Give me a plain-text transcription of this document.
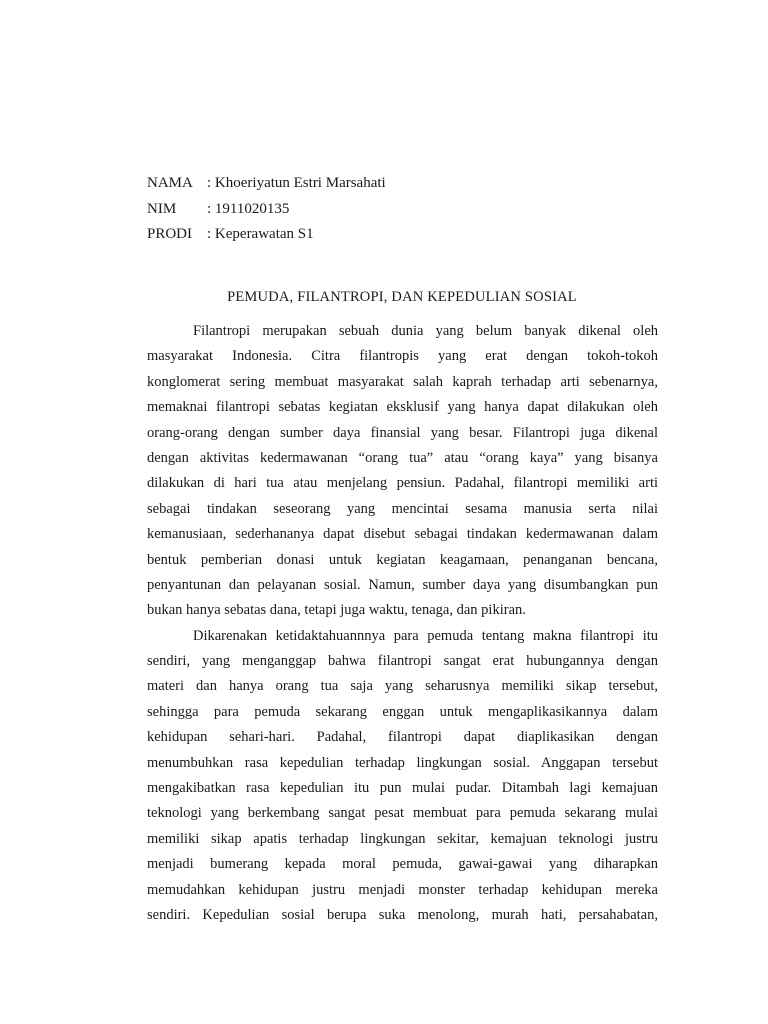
NAMA : Khoeriyatun Estri Marsahati
NIM	: 1911020135
PRODI : Keperawatan S1
PEMUDA, FILANTROPI, DAN KEPEDULIAN SOSIAL
Filantropi merupakan sebuah dunia yang belum banyak dikenal oleh
masyarakat Indonesia. Citra filantropis yang erat dengan tokoh-tokoh
konglomerat sering membuat masyarakat salah kaprah terhadap arti sebenarnya,
memaknai filantropi sebatas kegiatan eksklusif yang hanya dapat dilakukan oleh
orang-orang dengan sumber daya finansial yang besar. Filantropi juga dikenal
dengan aktivitas kedermawanan “orang tua” atau “orang kaya” yang bisanya
dilakukan di hari tua atau menjelang pensiun. Padahal, filantropi memiliki arti
sebagai tindakan seseorang yang mencintai sesama manusia serta nilai
kemanusiaan, sederhananya dapat disebut sebagai tindakan kedermawanan dalam
bentuk pemberian donasi untuk kegiatan keagamaan, penanganan bencana,
penyantunan dan pelayanan sosial. Namun, sumber daya yang disumbangkan pun
bukan hanya sebatas dana, tetapi juga waktu, tenaga, dan pikiran.
Dikarenakan ketidaktahuannnya para pemuda tentang makna filantropi itu
sendiri, yang menganggap bahwa filantropi sangat erat hubungannya dengan
materi dan hanya orang tua saja yang seharusnya memiliki sikap tersebut,
sehingga para pemuda sekarang enggan untuk mengaplikasikannya dalam
kehidupan sehari-hari. Padahal, filantropi dapat diaplikasikan dengan
menumbuhkan rasa kepedulian terhadap lingkungan sosial. Anggapan tersebut
mengakibatkan rasa kepedulian itu pun mulai pudar. Ditambah lagi kemajuan
teknologi yang berkembang sangat pesat membuat para pemuda sekarang mulai
memiliki sikap apatis terhadap lingkungan sekitar, kemajuan teknologi justru
menjadi bumerang kepada moral pemuda, gawai-gawai yang diharapkan
memudahkan kehidupan justru menjadi monster terhadap kehidupan mereka
sendiri. Kepedulian sosial berupa suka menolong, murah hati, persahabatan,
